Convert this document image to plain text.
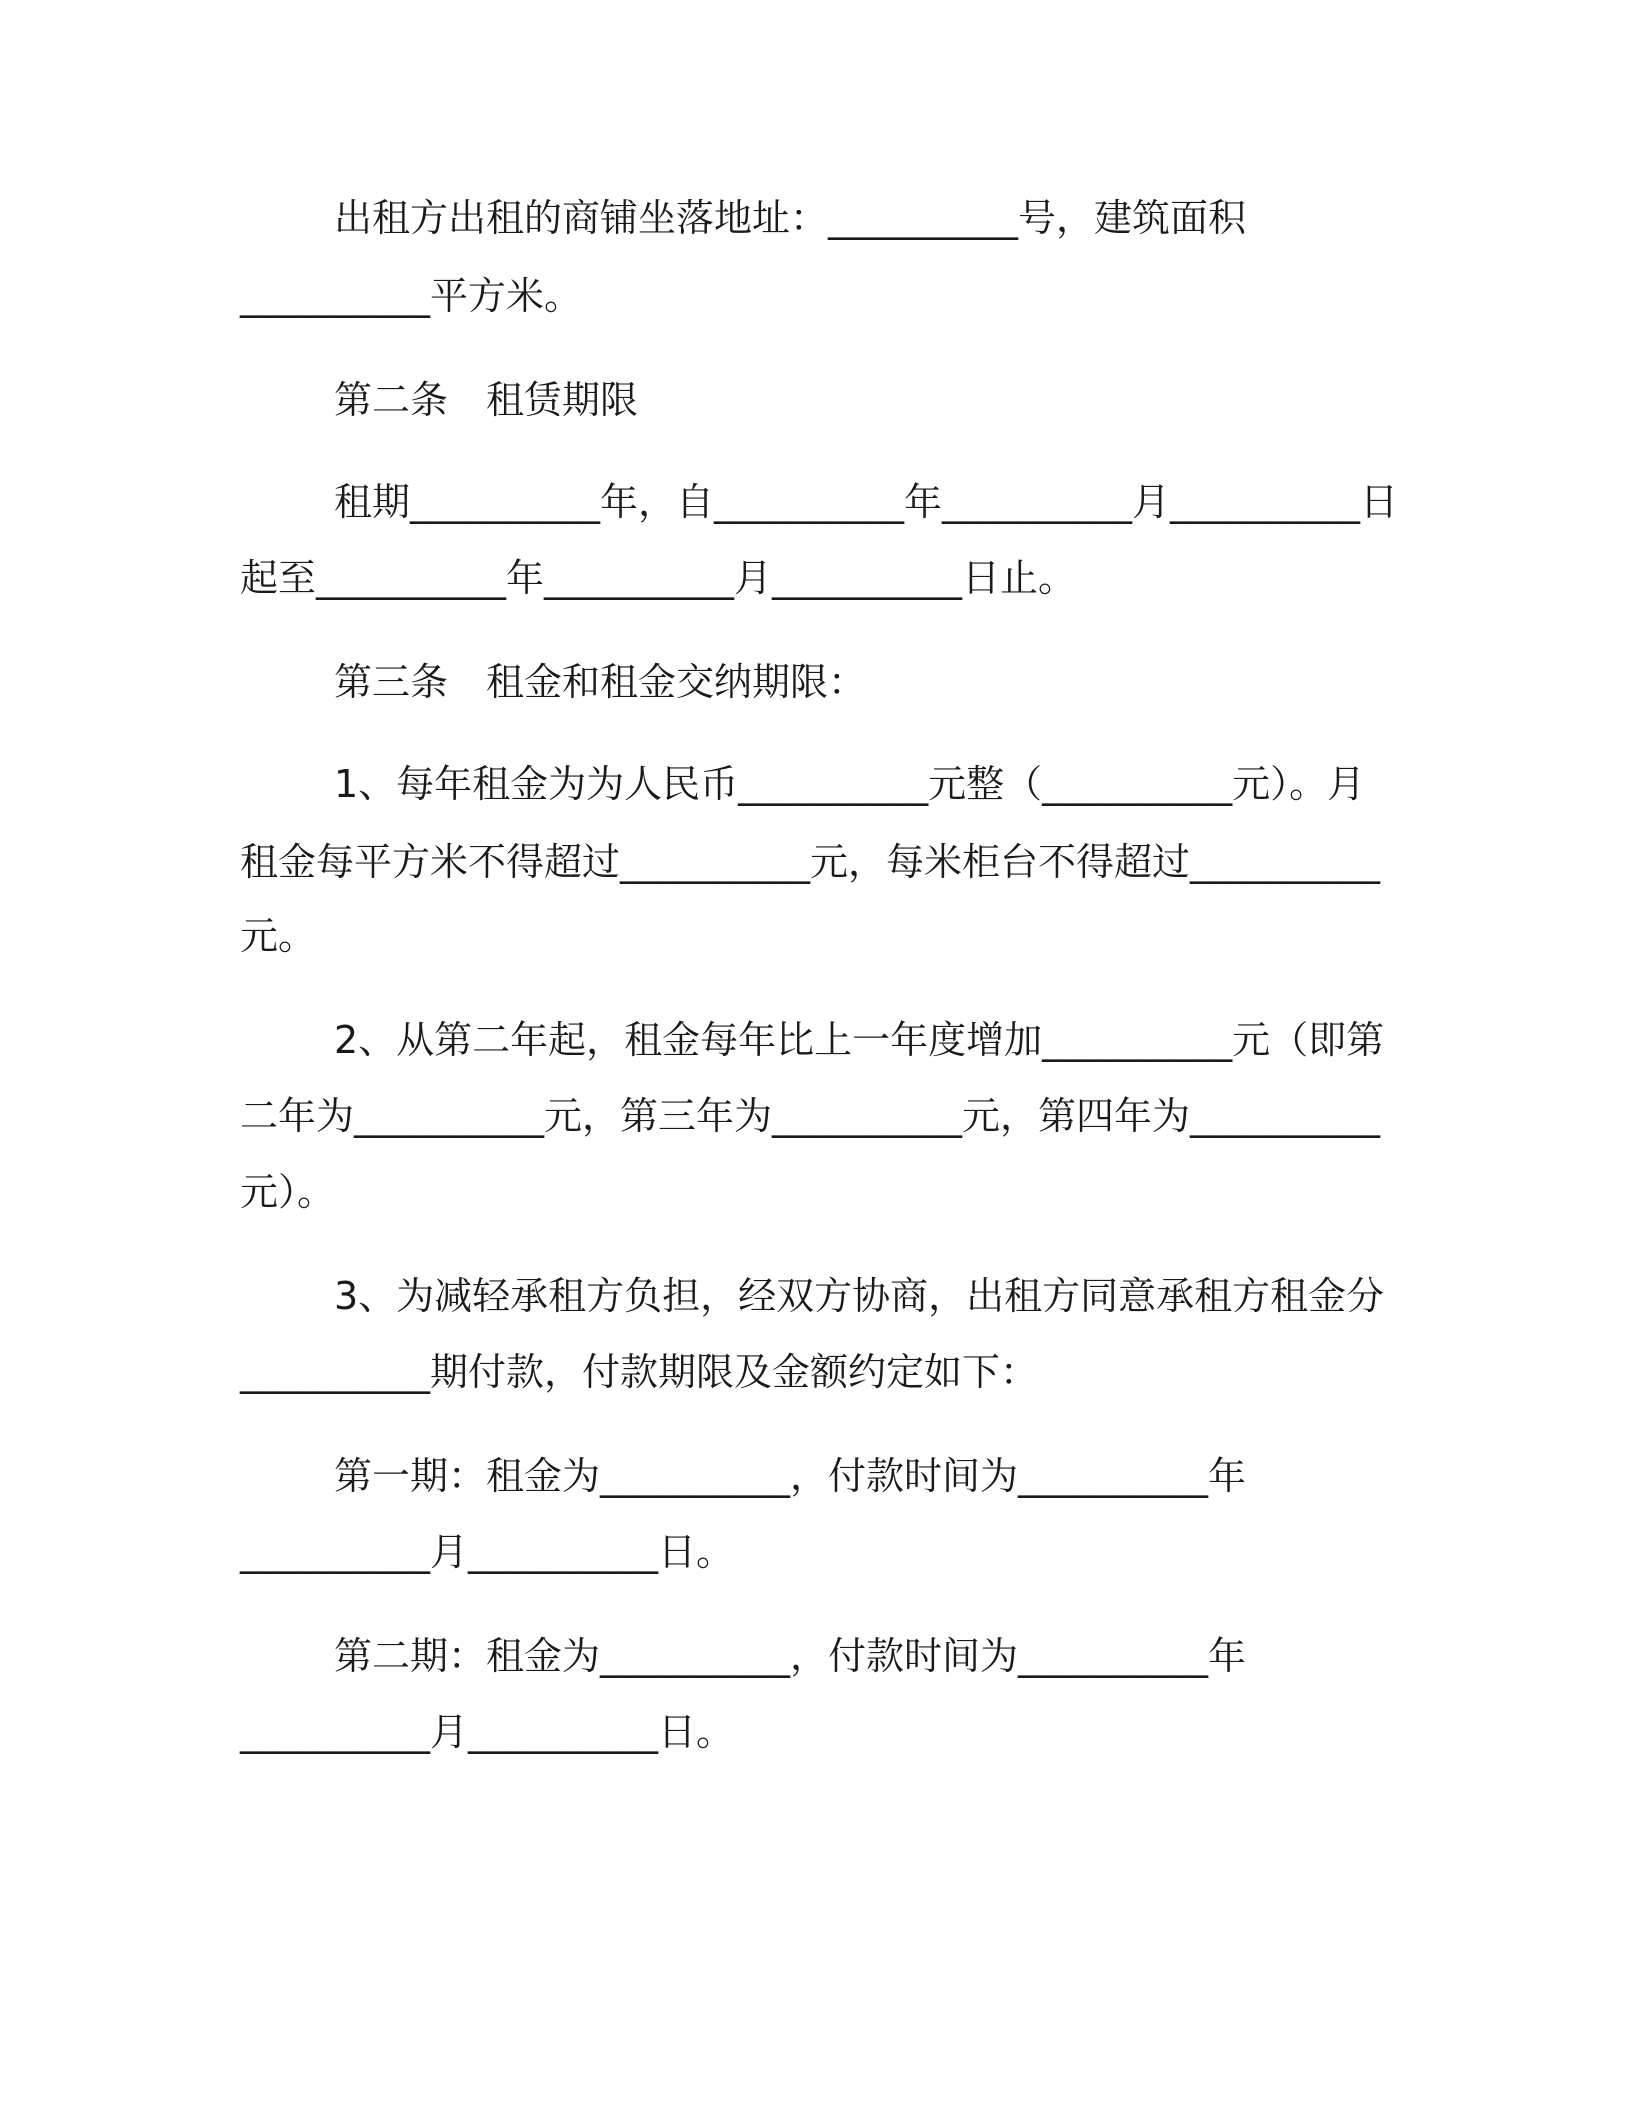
出租方出租的商铺坐落地址：__________号，建筑面积
__________平方米。
第二条　租赁期限
租期__________年，自__________年__________月__________日
起至__________年__________月__________日止。
第三条　租金和租金交纳期限：
1、每年租金为为人民币__________元整（__________元）。月
租金每平方米不得超过__________元，每米柜台不得超过__________
元。
2、从第二年起，租金每年比上一年度增加__________元（即第
二年为__________元，第三年为__________元，第四年为__________
元）。
3、为减轻承租方负担，经双方协商，出租方同意承租方租金分
__________期付款，付款期限及金额约定如下：
第一期：租金为__________，付款时间为__________年
__________月__________日。
第二期：租金为__________，付款时间为__________年
__________月__________日。
